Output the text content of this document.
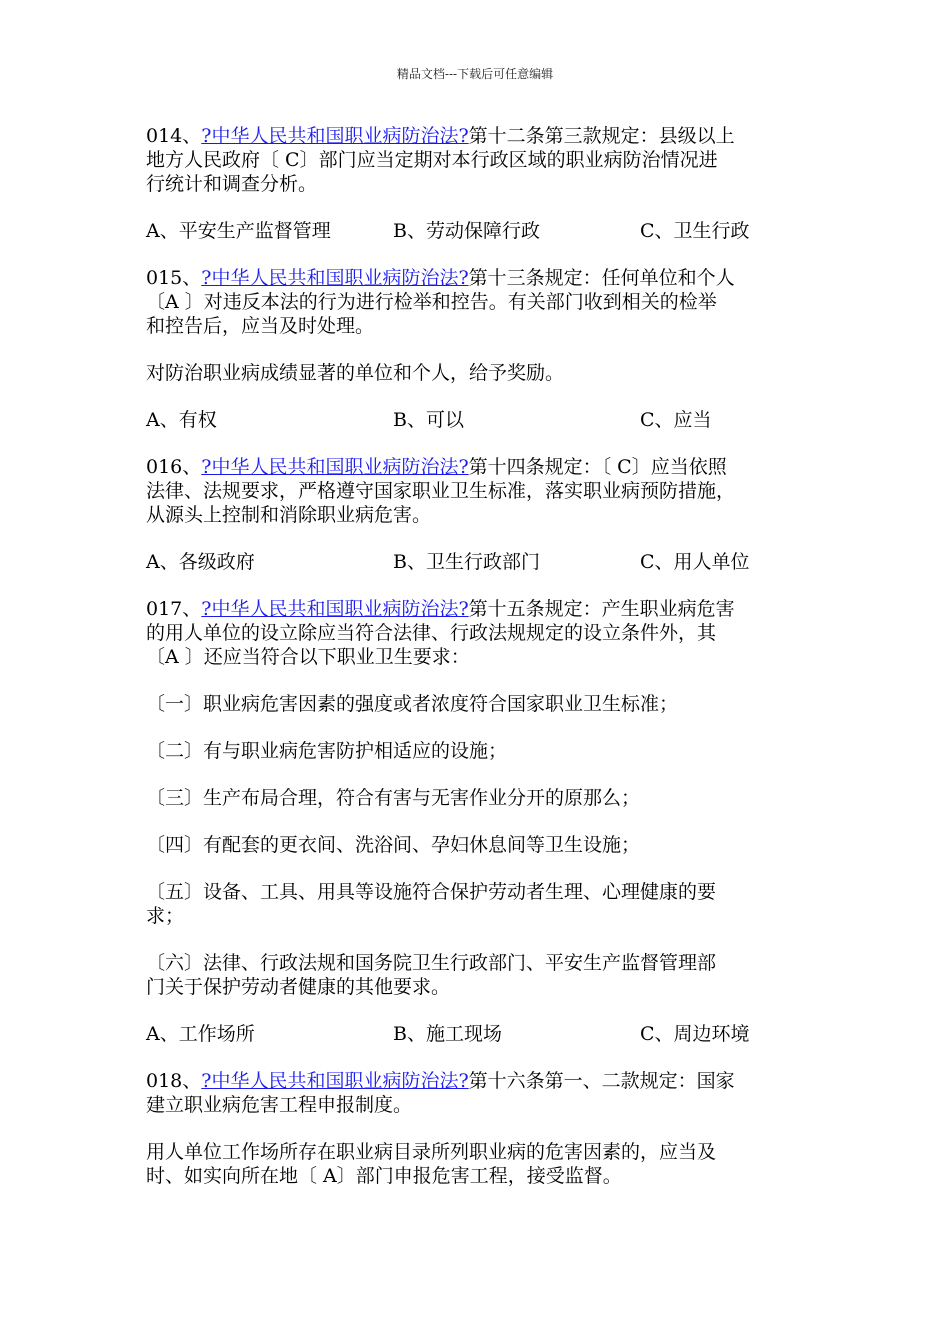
精品文档---下载后可任意编辑
014、?中华人民共和国职业病防治法?第十二条第三款规定：县级以上
地方人民政府〔 C〕部门应当定期对本行政区域的职业病防治情况进
行统计和调查分析。
A、平安生产监督管理	B、劳动保障行政	C、卫生行政
015、?中华人民共和国职业病防治法?第十三条规定：任何单位和个人
〔A 〕对违反本法的行为进行检举和控告。有关部门收到相关的检举
和控告后，应当及时处理。
对防治职业病成绩显著的单位和个人，给予奖励。
A、有权	B、可以	C、应当
016、?中华人民共和国职业病防治法?第十四条规定：〔 C〕应当依照
法律、法规要求，严格遵守国家职业卫生标准，落实职业病预防措施，
从源头上控制和消除职业病危害。
A、各级政府	B、卫生行政部门	C、用人单位
017、?中华人民共和国职业病防治法?第十五条规定：产生职业病危害
的用人单位的设立除应当符合法律、行政法规规定的设立条件外，其
〔A 〕还应当符合以下职业卫生要求：
〔一〕职业病危害因素的强度或者浓度符合国家职业卫生标准；
〔二〕有与职业病危害防护相适应的设施；
〔三〕生产布局合理，符合有害与无害作业分开的原那么；
〔四〕有配套的更衣间、洗浴间、孕妇休息间等卫生设施；
〔五〕设备、工具、用具等设施符合保护劳动者生理、心理健康的要
求；
〔六〕法律、行政法规和国务院卫生行政部门、平安生产监督管理部
门关于保护劳动者健康的其他要求。
A、工作场所	B、施工现场	C、周边环境
018、?中华人民共和国职业病防治法?第十六条第一、二款规定：国家
建立职业病危害工程申报制度。
用人单位工作场所存在职业病目录所列职业病的危害因素的，应当及
时、如实向所在地〔 A〕部门申报危害工程，接受监督。
